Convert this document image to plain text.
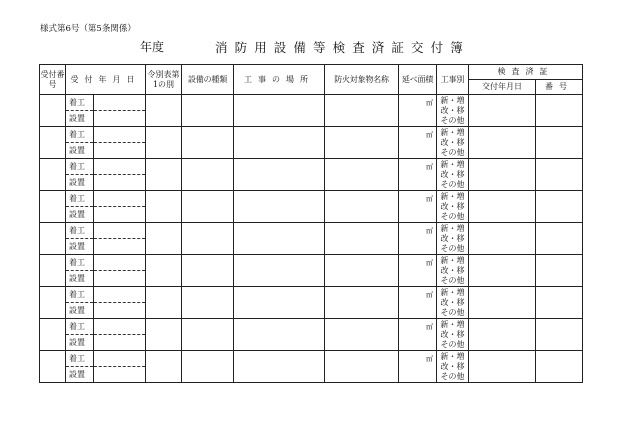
様式第6号（第5条関係）
年度	消防用設備等検査済証交付簿
受付番号	受付年月日		令別表第1の別	設備の種類	工事の場所	防火対象物名称	延べ面積	工事別	検査済証	
									交付年月日	番号
	着工						㎡	新・増
改・移
その他		

	設置									
	着工						㎡	新・増
改・移
その他		

	設置									
	着工						㎡	新・増
改・移
その他		

	設置									
	着工						㎡	新・増
改・移
その他		

	設置									
	着工						㎡	新・増
改・移
その他		

	設置									
	着工						㎡	新・増
改・移
その他		

	設置									
	着工						㎡	新・増
改・移
その他		

	設置									
	着工						㎡	新・増
改・移
その他		

	設置									
	着工						㎡	新・増
改・移
その他		

	設置									
